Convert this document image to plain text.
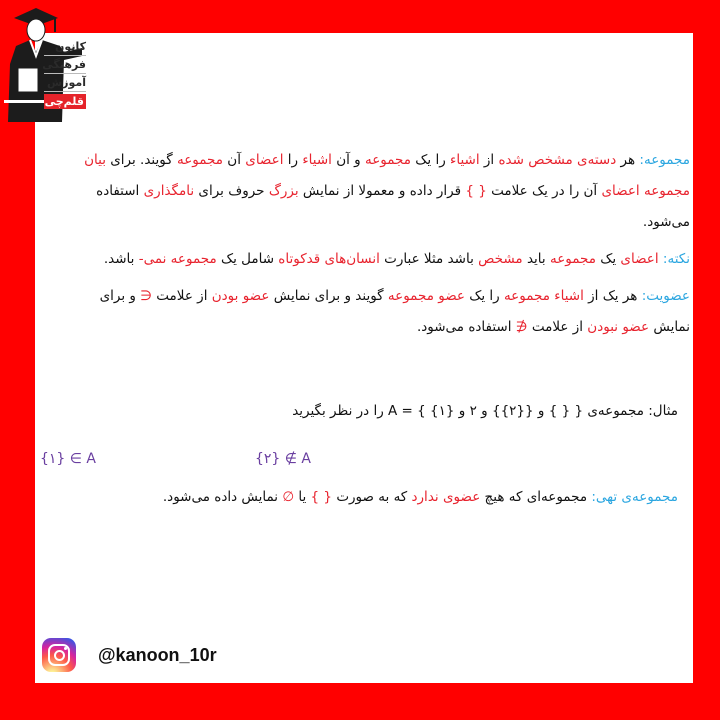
کانون
فرهنگی
آموزش
قلم‌چی

مجموعه: هر دسته‌ی مشخص شده از اشیاء را یک مجموعه و آن اشیاء را اعضای آن مجموعه گویند. برای بیان مجموعه اعضای آن را در یک علامت { } قرار داده و معمولا از نمایش بزرگ حروف برای نامگذاری استفاده می‌شود.

نکته: اعضای یک مجموعه باید مشخص باشد مثلا عبارت انسان‌های قدکوتاه شامل یک مجموعه نمی- باشد.

عضویت: هر یک از اشیاء مجموعه را یک عضو مجموعه گویند و برای نمایش عضو بودن از علامت ∈ و برای نمایش عضو نبودن از علامت ∉ استفاده می‌شود.

مثال: مجموعه‌ی { { } و {{۲}} و ۲ و {۱} } = A را در نظر بگیرید
{۱} ∈ A	{۲} ∉ A
مجموعه‌ی تهی: مجموعه‌ای که هیچ عضوی ندارد که به صورت { } یا ∅ نمایش داده می‌شود.
@kanoon_10r
